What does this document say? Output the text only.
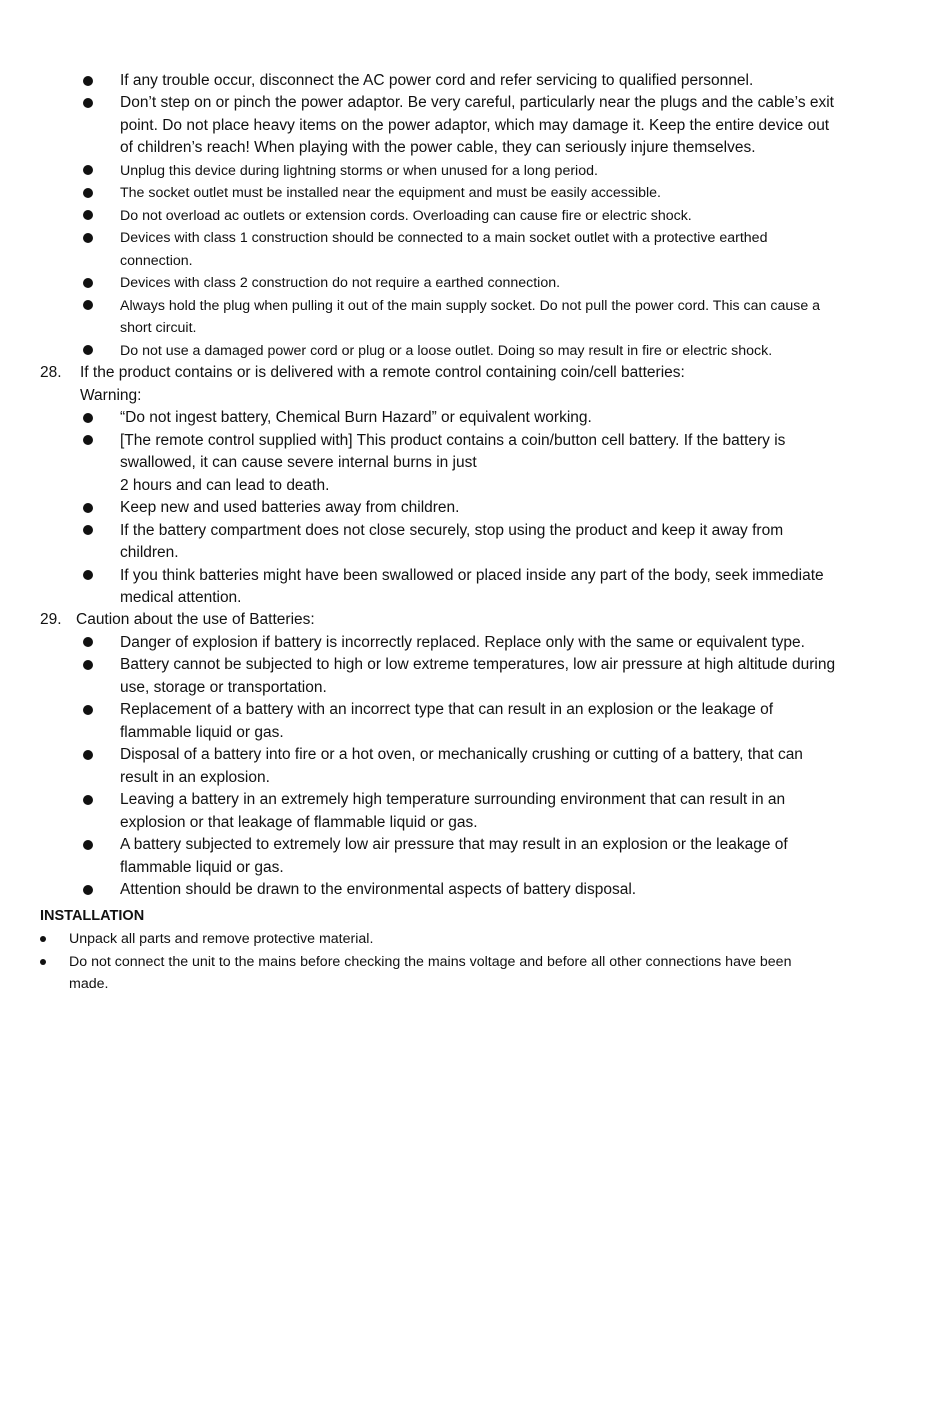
If any trouble occur, disconnect the AC power cord and refer servicing to qualified personnel.
Don’t step on or pinch the power adaptor. Be very careful, particularly near the plugs and the cable’s exit
point. Do not place heavy items on the power adaptor, which may damage it. Keep the entire device out
of children’s reach! When playing with the power cable, they can seriously injure themselves.
Unplug this device during lightning storms or when unused for a long period.
The socket outlet must be installed near the equipment and must be easily accessible.
Do not overload ac outlets or extension cords. Overloading can cause fire or electric shock.
Devices with class 1 construction should be connected to a main socket outlet with a protective earthed
connection.
Devices with class 2 construction do not require a earthed connection.
Always hold the plug when pulling it out of the main supply socket. Do not pull the power cord. This can cause a
short circuit.
Do not use a damaged power cord or plug or a loose outlet. Doing so may result in fire or electric shock.
28. If the product contains or is delivered with a remote control containing coin/cell batteries:
Warning:
“Do not ingest battery, Chemical Burn Hazard” or equivalent working.
[The remote control supplied with] This product contains a coin/button cell battery. If the battery is
swallowed, it can cause severe internal burns in just
2 hours and can lead to death.
Keep new and used batteries away from children.
If the battery compartment does not close securely, stop using the product and keep it away from
children.
If you think batteries might have been swallowed or placed inside any part of the body, seek immediate
medical attention.
29. Caution about the use of Batteries:
Danger of explosion if battery is incorrectly replaced. Replace only with the same or equivalent type.
Battery cannot be subjected to high or low extreme temperatures, low air pressure at high altitude during
use, storage or transportation.
Replacement of a battery with an incorrect type that can result in an explosion or the leakage of
flammable liquid or gas.
Disposal of a battery into fire or a hot oven, or mechanically crushing or cutting of a battery, that can
result in an explosion.
Leaving a battery in an extremely high temperature surrounding environment that can result in an
explosion or that leakage of flammable liquid or gas.
A battery subjected to extremely low air pressure that may result in an explosion or the leakage of
flammable liquid or gas.
Attention should be drawn to the environmental aspects of battery disposal.
INSTALLATION
Unpack all parts and remove protective material.
Do not connect the unit to the mains before checking the mains voltage and before all other connections have been
made.
